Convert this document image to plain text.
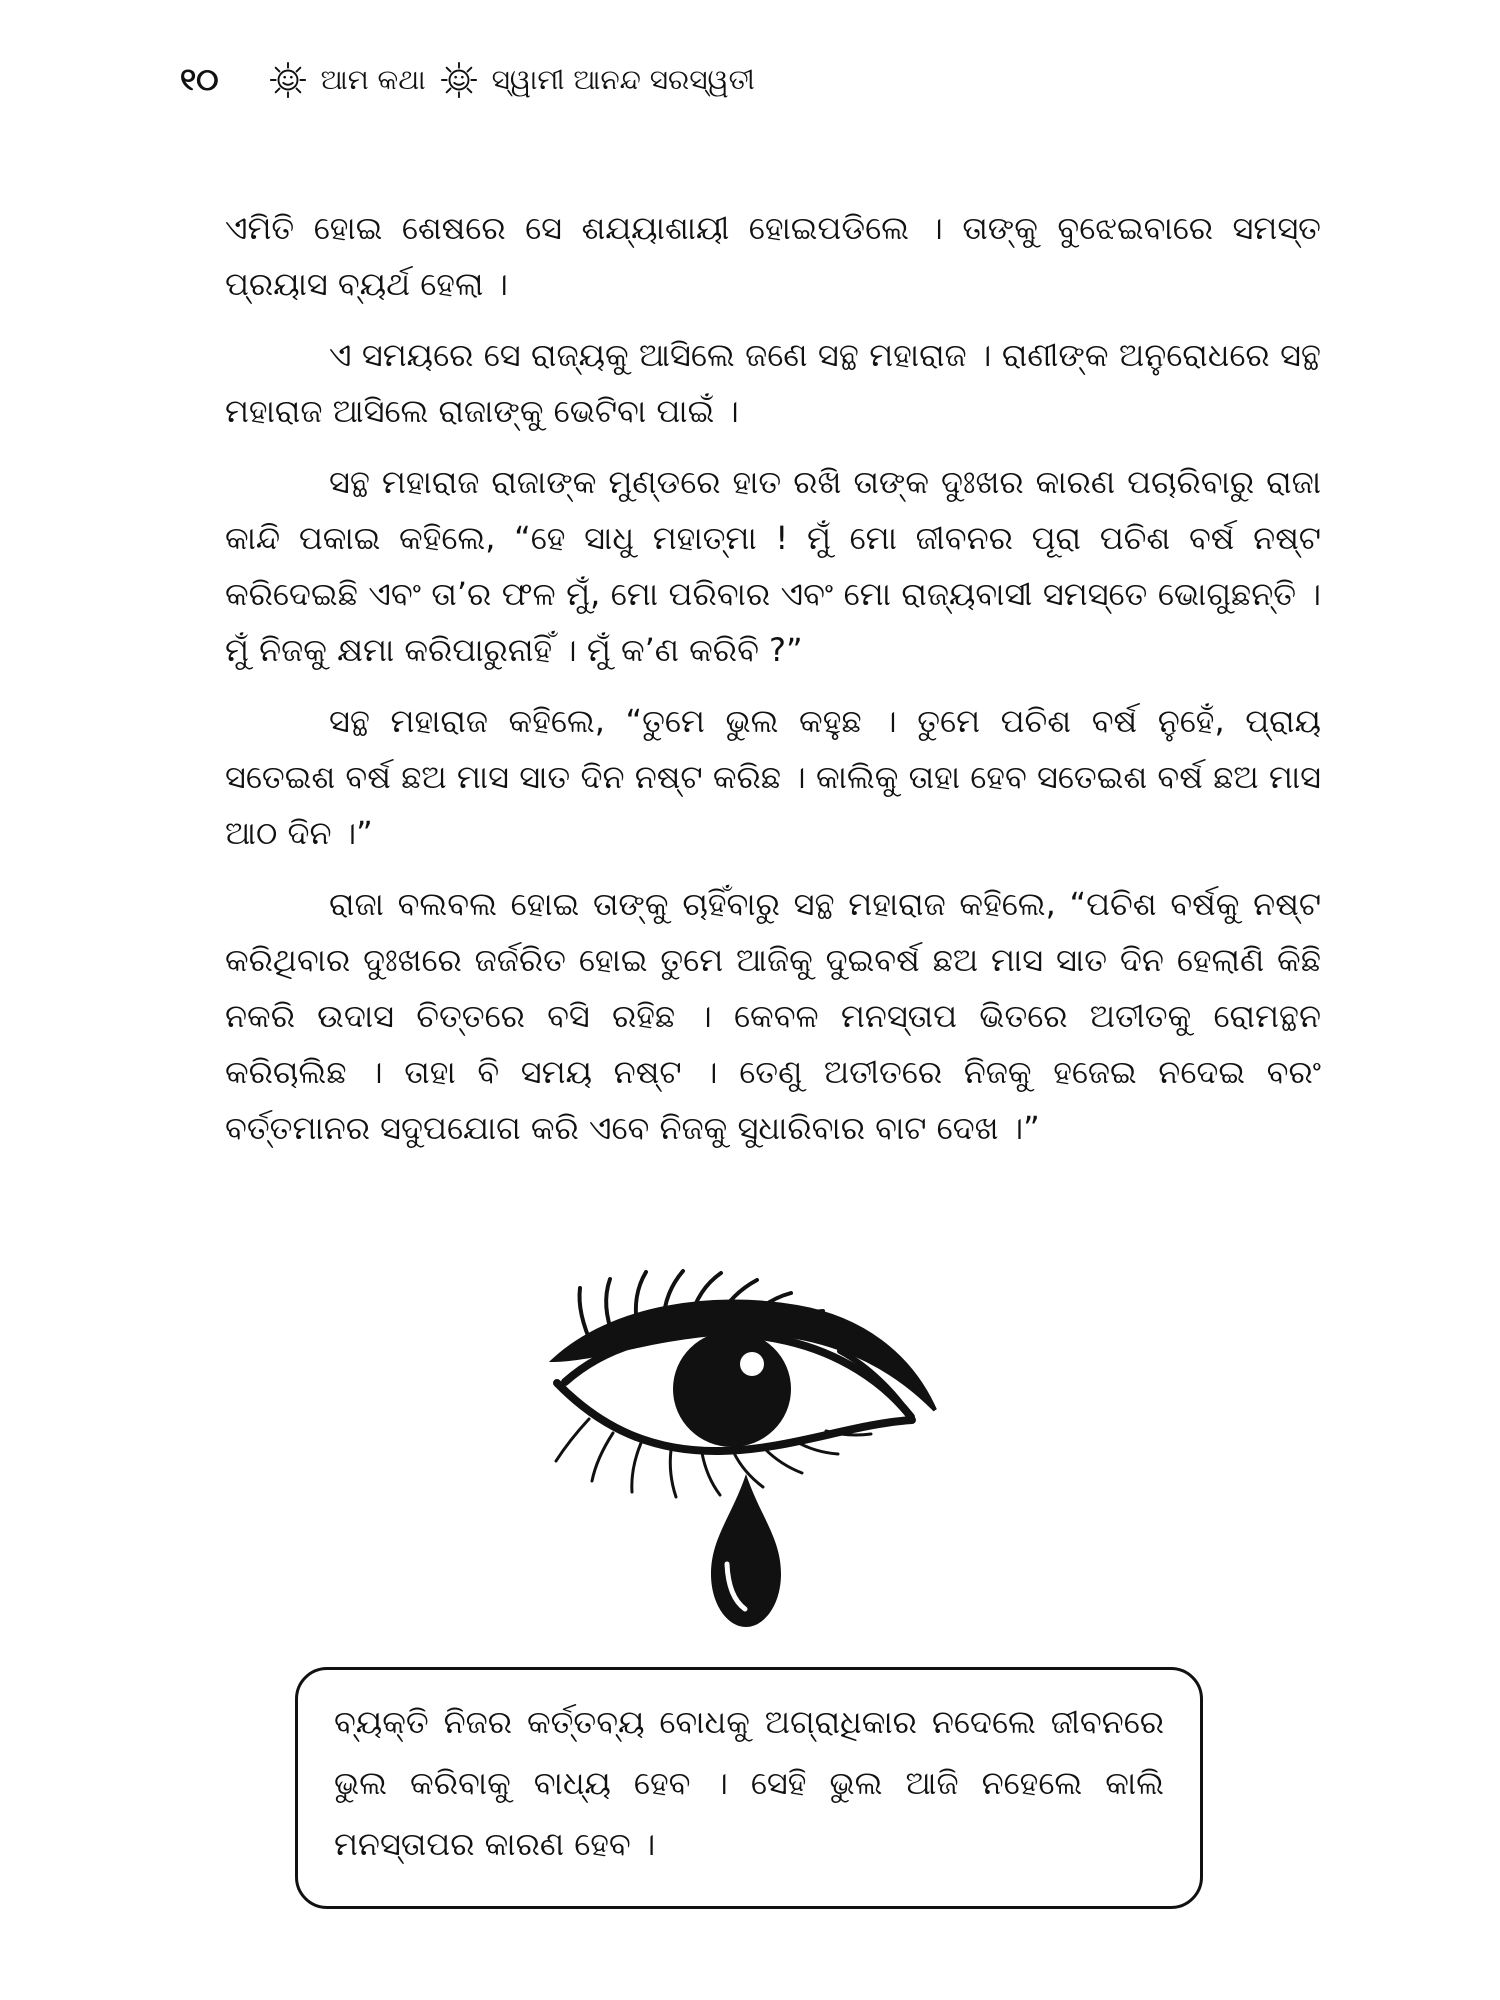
୧୦	ଆମ କଥା ସ୍ୱାମୀ ଆନନ୍ଦ ସରସ୍ୱତୀ

ଏମିତି ହୋଇ ଶେଷରେ ସେ ଶଯ୍ୟାଶାୟୀ ହୋଇପଡିଲେ । ତାଙ୍କୁ ବୁଝେଇବାରେ ସମସ୍ତ ପ୍ରୟାସ ବ୍ୟର୍ଥ ହେଲା ।

ଏ ସମୟରେ ସେ ରାଜ୍ୟକୁ ଆସିଲେ ଜଣେ ସନ୍ଥ ମହାରାଜ । ରାଣୀଙ୍କ ଅନୁରୋଧରେ ସନ୍ଥ ମହାରାଜ ଆସିଲେ ରାଜାଙ୍କୁ ଭେଟିବା ପାଇଁ ।

ସନ୍ଥ ମହାରାଜ ରାଜାଙ୍କ ମୁଣ୍ଡରେ ହାତ ରଖି ତାଙ୍କ ଦୁଃଖର କାରଣ ପଚାରିବାରୁ ରାଜା କାନ୍ଦି ପକାଇ କହିଲେ, “ହେ ସାଧୁ ମହାତ୍ମା ! ମୁଁ ମୋ ଜୀବନର ପୂରା ପଚିଶ ବର୍ଷ ନଷ୍ଟ କରିଦେଇଛି ଏବଂ ତା’ର ଫଳ ମୁଁ, ମୋ ପରିବାର ଏବଂ ମୋ ରାଜ୍ୟବାସୀ ସମସ୍ତେ ଭୋଗୁଛନ୍ତି । ମୁଁ ନିଜକୁ କ୍ଷମା କରିପାରୁନାହିଁ । ମୁଁ କ’ଣ କରିବି ?”

ସନ୍ଥ ମହାରାଜ କହିଲେ, “ତୁମେ ଭୁଲ କହୁଛ । ତୁମେ ପଚିଶ ବର୍ଷ ନୁହେଁ, ପ୍ରାୟ ସତେଇଶ ବର୍ଷ ଛଅ ମାସ ସାତ ଦିନ ନଷ୍ଟ କରିଛ । କାଲିକୁ ତାହା ହେବ ସତେଇଶ ବର୍ଷ ଛଅ ମାସ ଆଠ ଦିନ ।”

ରାଜା ବଲବଲ ହୋଇ ତାଙ୍କୁ ଚାହିଁବାରୁ ସନ୍ଥ ମହାରାଜ କହିଲେ, “ପଚିଶ ବର୍ଷକୁ ନଷ୍ଟ କରିଥିବାର ଦୁଃଖରେ ଜର୍ଜରିତ ହୋଇ ତୁମେ ଆଜିକୁ ଦୁଇବର୍ଷ ଛଅ ମାସ ସାତ ଦିନ ହେଲାଣି କିଛି ନକରି ଉଦାସ ଚିତ୍ତରେ ବସି ରହିଛ । କେବଳ ମନସ୍ତାପ ଭିତରେ ଅତୀତକୁ ରୋମନ୍ଥନ କରିଚାଲିଛ । ତାହା ବି ସମୟ ନଷ୍ଟ । ତେଣୁ ଅତୀତରେ ନିଜକୁ ହଜେଇ ନଦେଇ ବରଂ ବର୍ତ୍ତମାନର ସଦୁପଯୋଗ କରି ଏବେ ନିଜକୁ ସୁଧାରିବାର ବାଟ ଦେଖ ।”

ବ୍ୟକ୍ତି ନିଜର କର୍ତ୍ତବ୍ୟ ବୋଧକୁ ଅଗ୍ରାଧିକାର ନଦେଲେ ଜୀବନରେ ଭୁଲ କରିବାକୁ ବାଧ୍ୟ ହେବ । ସେହି ଭୁଲ ଆଜି ନହେଲେ କାଲି ମନସ୍ତାପର କାରଣ ହେବ ।
